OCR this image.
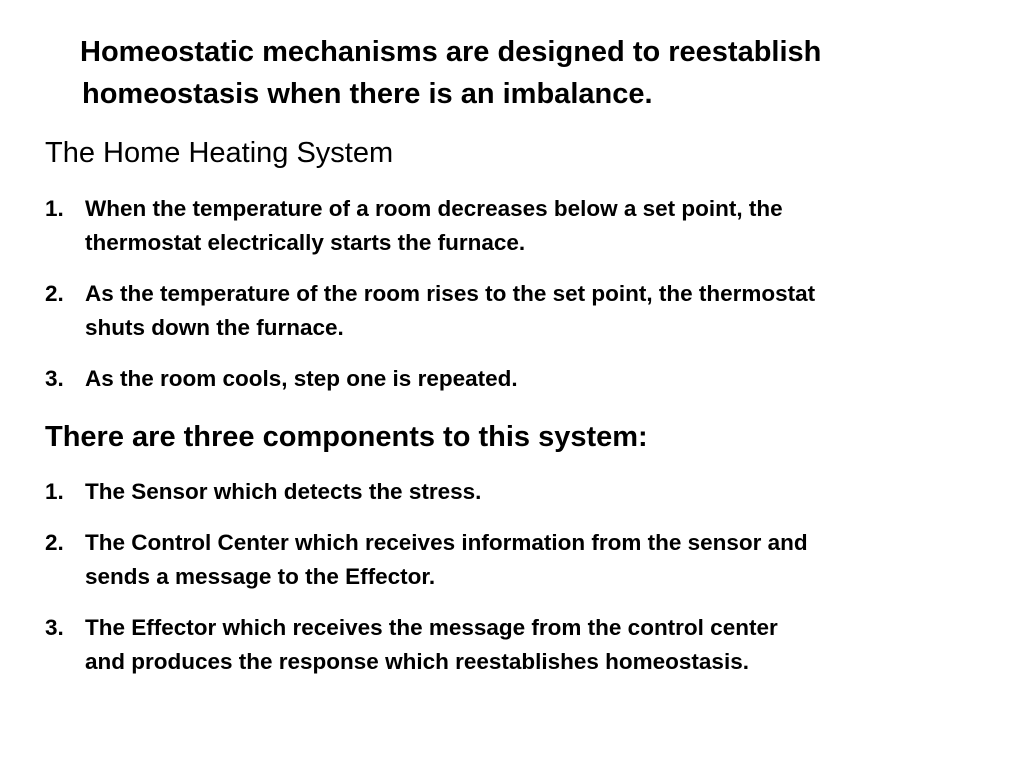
Homeostatic mechanisms are designed to reestablish
homeostasis when there is an imbalance.
The Home Heating System
1. When the temperature of a room decreases below a set point, the
thermostat electrically starts the furnace.
2. As the temperature of the room rises to the set point, the thermostat
shuts down the furnace.
3. As the room cools, step one is repeated.
There are three components to this system:
1. The Sensor which detects the stress.
2. The Control Center which receives information from the sensor and
sends a message to the Effector.
3. The Effector which receives the message from the control center
and produces the response which reestablishes homeostasis.
